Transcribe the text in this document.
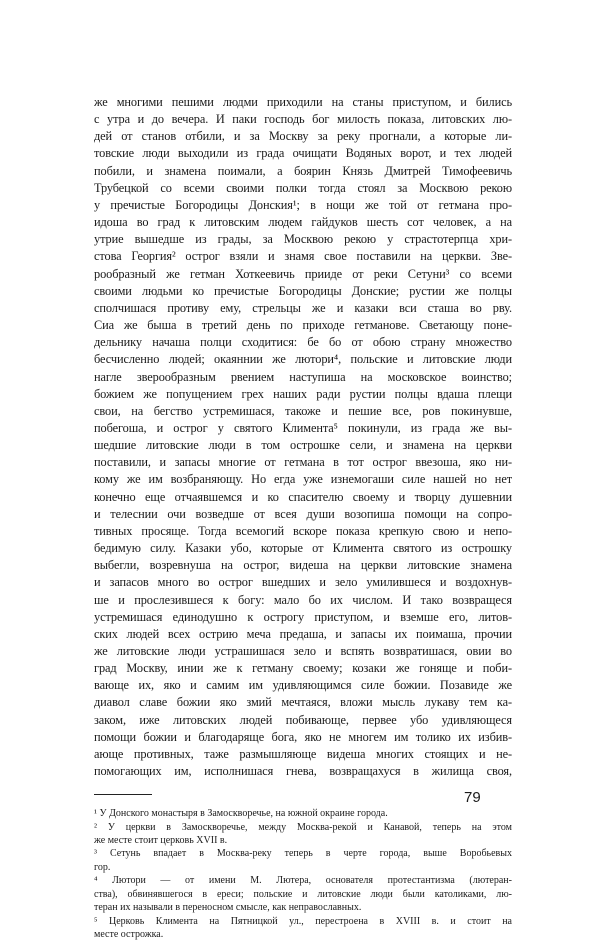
же многими пешими людми приходили на станы приступом, и бились

с утра и до вечера. И паки господь бог милость показа, литовских лю-

дей от станов отбили, и за Москву за реку прогнали, а которые ли-

товские люди выходили из града очищати Водяных ворот, и тех людей

побили, и знамена поимали, а боярин Князь Дмитрей Тимофеевичь

Трубецкой со всеми своими полки тогда стоял за Москвою рекою

у пречистые Богородицы Донския¹; в нощи же той от гетмана про-

идоша во град к литовским людем гайдуков шесть сот человек, а на

утрие вышедше из грады, за Москвою рекою у страстотерпца хри-

стова Георгия² острог взяли и знамя свое поставили на церкви. Зве-

рообразный же гетман Хоткеевичь прииде от реки Сетуни³ со всеми

своими людьми ко пречистые Богородицы Донские; рустии же полцы

сполчишася противу ему, стрельцы же и казаки вси сташа во рву.

Сиа же быша в третий день по приходе гетманове. Светающу поне-

дельнику начаша полци сходитися: бе бо от обою страну множество

бесчисленно людей; окаяннии же лютори⁴, польские и литовские люди

нагле зверообразным рвением наступиша на московское воинство;

божием же попущением грех наших ради рустии полцы вдаша плещи

свои, на бегство устремишася, такоже и пешие все, ров покинувше,

побегоша, и острог у святого Климента⁵ покинули, из града же вы-

шедшие литовские люди в том острошке сели, и знамена на церкви

поставили, и запасы многие от гетмана в тот острог ввезоша, яко ни-

кому же им возбраняющу. Но егда уже изнемогаши силе нашей но нет

конечно еще отчаявшемся и ко спасителю своему и творцу душевнии

и телеснии очи возведше от всея души возопиша помощи на сопро-

тивных просяще. Тогда всемогий вскоре показа крепкую свою и непо-

бедимую силу. Казаки убо, которые от Климента святого из острошку

выбегли, возревнуша на острог, видеша на церкви литовские знамена

и запасов много во острог вшедших и зело умилившеся и воздохнув-

ше и прослезившеся к богу: мало бо их числом. И тако возвращеся

устремишася единодушно к острогу приступом, и вземше его, литов-

ских людей всех острию меча предаша, и запасы их поимаша, прочии

же литовские люди устрашишася зело и вспять возвратишася, овии во

град Москву, инии же к гетману своему; козаки же гоняще и поби-

вающе их, яко и самим им удивляющимся силе божии. Позавиде же

диавол славе божии яко змий мечтаяся, вложи мысль лукаву тем ка-

заком, иже литовских людей побивающе, первее убо удивляющеся

помощи божии и благодаряще бога, яко не многем им толико их избив-

ающе противных, таже размышляюще видеша многих стоящих и не-

помогающих им, исполнишася гнева, возвращахуся в жилища своя,

¹ У Донского монастыря в Замоскворечье, на южной окраине города.

² У церкви в Замоскворечье, между Москва-рекой и Канавой, теперь на этом

же месте стоит церковь XVII в.

³ Сетунь впадает в Москва-реку теперь в черте города, выше Воробьевых

гор.

⁴ Лютори — от имени М. Лютера, основателя протестантизма (лютеран-

ства), обвинявшегося в ереси; польские и литовские люди были католиками, лю-

теран их называли в переносном смысле, как неправославных.

⁵ Церковь Климента на Пятницкой ул., перестроена в XVIII в. и стоит на

месте острожка.

79
